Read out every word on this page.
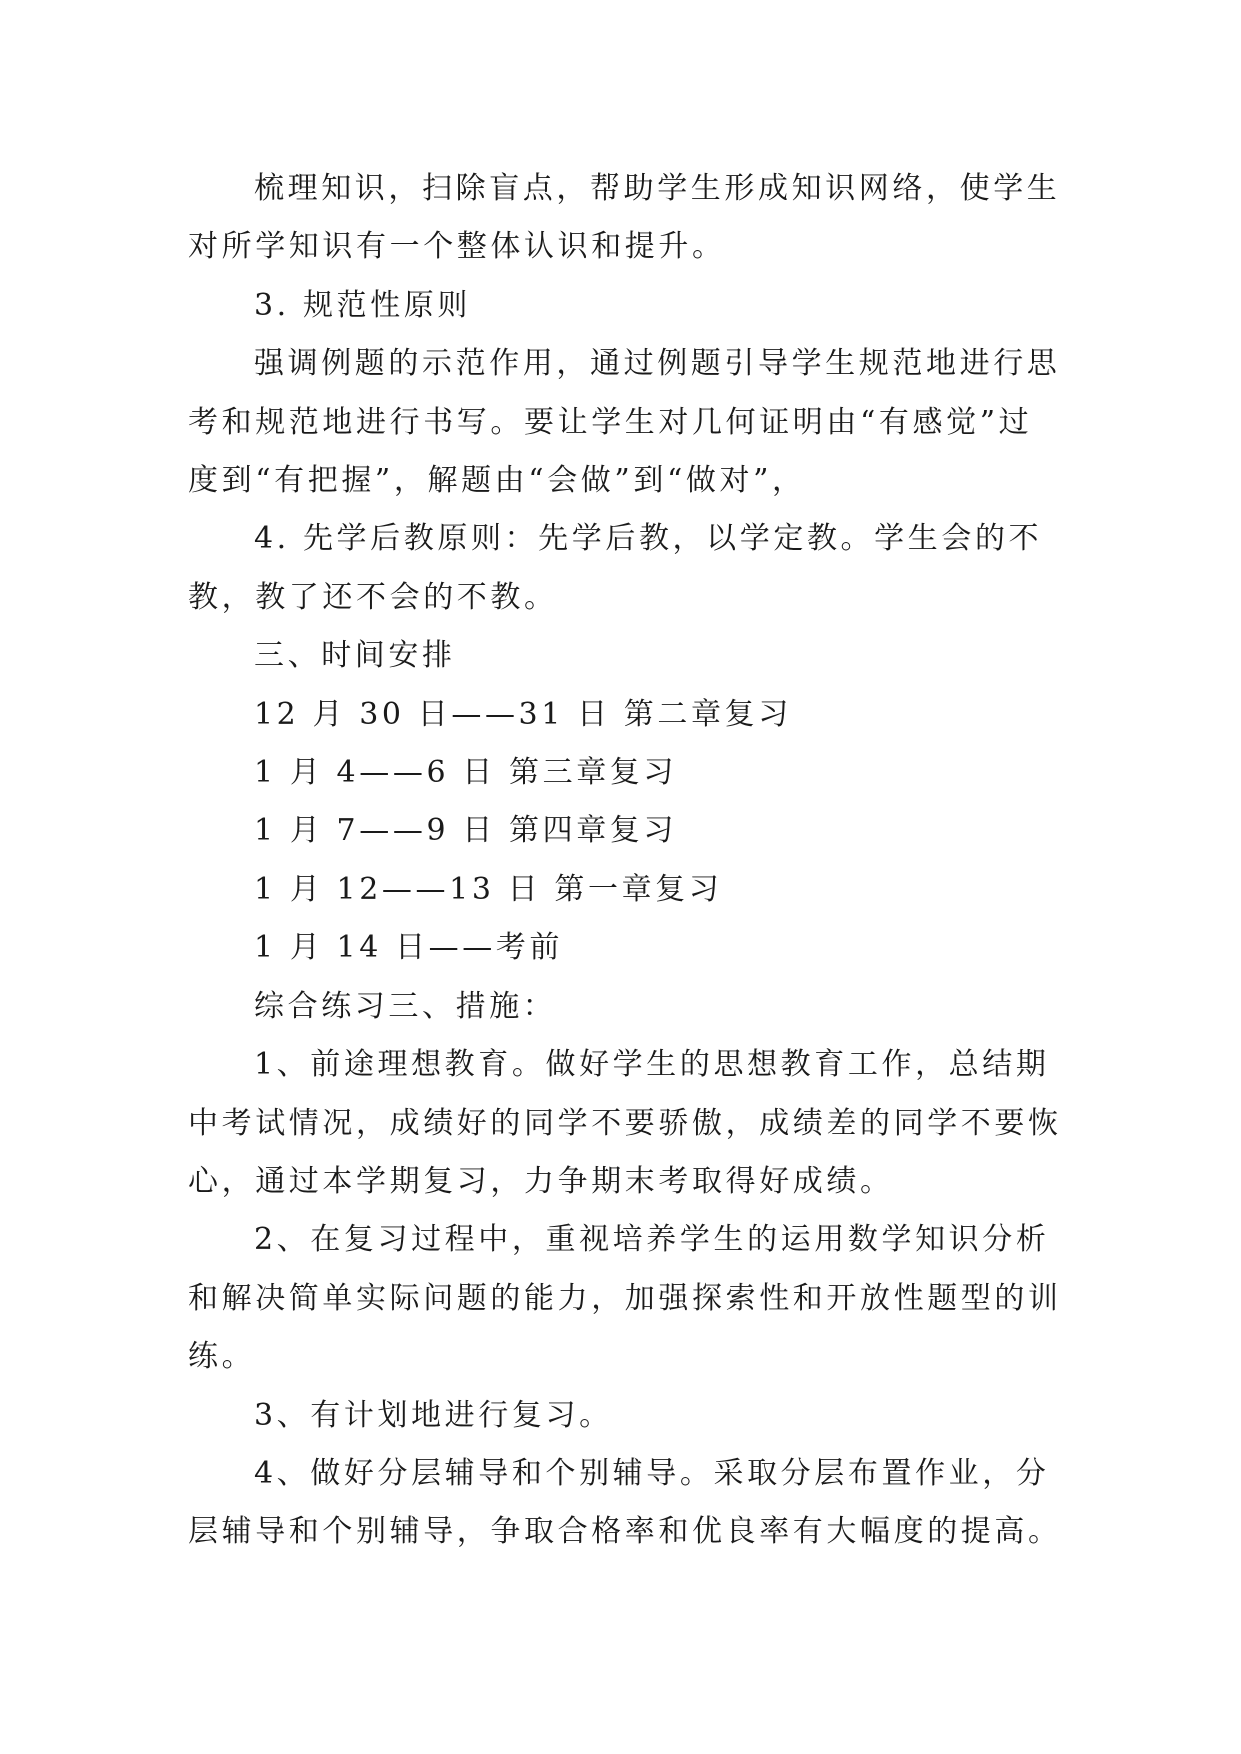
梳理知识，扫除盲点，帮助学生形成知识网络，使学生
对所学知识有一个整体认识和提升。
3. 规范性原则
强调例题的示范作用，通过例题引导学生规范地进行思
考和规范地进行书写。要让学生对几何证明由“有感觉”过
度到“有把握”，解题由“会做”到“做对”，
4. 先学后教原则：先学后教，以学定教。学生会的不
教，教了还不会的不教。
三、时间安排
12 月 30 日——31 日 第二章复习
1 月 4——6 日 第三章复习
1 月 7——9 日 第四章复习
1 月 12——13 日 第一章复习
1 月 14 日——考前
综合练习三、措施：
1、前途理想教育。做好学生的思想教育工作，总结期
中考试情况，成绩好的同学不要骄傲，成绩差的同学不要恢
心，通过本学期复习，力争期末考取得好成绩。
2、在复习过程中，重视培养学生的运用数学知识分析
和解决简单实际问题的能力，加强探索性和开放性题型的训
练。
3、有计划地进行复习。
4、做好分层辅导和个别辅导。采取分层布置作业，分
层辅导和个别辅导，争取合格率和优良率有大幅度的提高。
